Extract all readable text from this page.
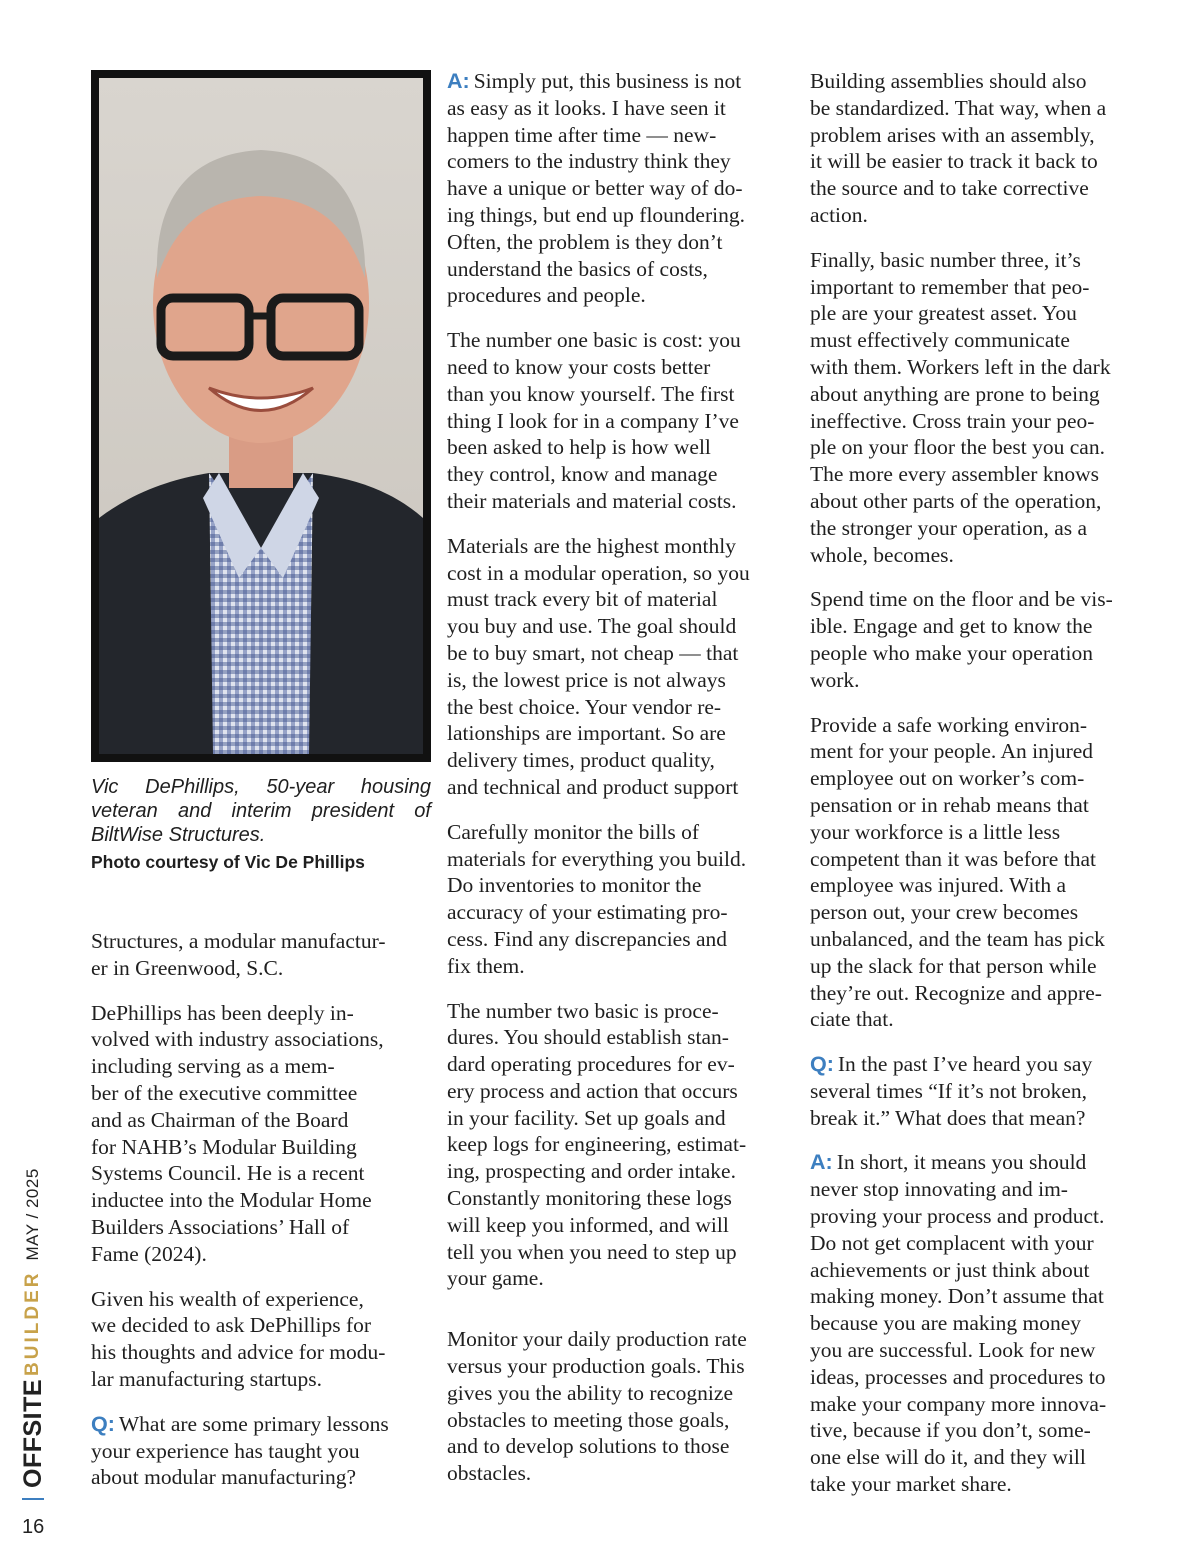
Vic DePhillips, 50-year housing veteran and interim president of BiltWise Structures.

Photo courtesy of Vic De Phillips

Structures, a modular manufactur-
er in Greenwood, S.C.

DePhillips has been deeply in-
volved with industry associations,
including serving as a mem-
ber of the executive committee
and as Chairman of the Board
for NAHB’s Modular Building
Systems Council. He is a recent
inductee into the Modular Home
Builders Associations’ Hall of
Fame (2024).

Given his wealth of experience,
we decided to ask DePhillips for
his thoughts and advice for modu-
lar manufacturing startups.

Q: What are some primary lessons
your experience has taught you
about modular manufacturing?

A: Simply put, this business is not
as easy as it looks. I have seen it
happen time after time — new-
comers to the industry think they
have a unique or better way of do-
ing things, but end up floundering.
Often, the problem is they don’t
understand the basics of costs,
procedures and people.

The number one basic is cost: you
need to know your costs better
than you know yourself. The first
thing I look for in a company I’ve
been asked to help is how well
they control, know and manage
their materials and material costs.

Materials are the highest monthly
cost in a modular operation, so you
must track every bit of material
you buy and use. The goal should
be to buy smart, not cheap — that
is, the lowest price is not always
the best choice. Your vendor re-
lationships are important. So are
delivery times, product quality,
and technical and product support

Carefully monitor the bills of
materials for everything you build.
Do inventories to monitor the
accuracy of your estimating pro-
cess. Find any discrepancies and
fix them.

The number two basic is proce-
dures. You should establish stan-
dard operating procedures for ev-
ery process and action that occurs
in your facility. Set up goals and
keep logs for engineering, estimat-
ing, prospecting and order intake.
Constantly monitoring these logs
will keep you informed, and will
tell you when you need to step up
your game.

Monitor your daily production rate
versus your production goals. This
gives you the ability to recognize
obstacles to meeting those goals,
and to develop solutions to those
obstacles.

Building assemblies should also
be standardized. That way, when a
problem arises with an assembly,
it will be easier to track it back to
the source and to take corrective
action.

Finally, basic number three, it’s
important to remember that peo-
ple are your greatest asset. You
must effectively communicate
with them. Workers left in the dark
about anything are prone to being
ineffective. Cross train your peo-
ple on your floor the best you can.
The more every assembler knows
about other parts of the operation,
the stronger your operation, as a
whole, becomes.

Spend time on the floor and be vis-
ible. Engage and get to know the
people who make your operation
work.

Provide a safe working environ-
ment for your people. An injured
employee out on worker’s com-
pensation or in rehab means that
your workforce is a little less
competent than it was before that
employee was injured. With a
person out, your crew becomes
unbalanced, and the team has pick
up the slack for that person while
they’re out. Recognize and appre-
ciate that.

Q: In the past I’ve heard you say
several times “If it’s not broken,
break it.” What does that mean?

A: In short, it means you should
never stop innovating and im-
proving your process and product.
Do not get complacent with your
achievements or just think about
making money. Don’t assume that
because you are making money
you are successful. Look for new
ideas, processes and procedures to
make your company more innova-
tive, because if you don’t, some-
one else will do it, and they will
take your market share.

OFFSITE
BUILDER
MAY / 2025
16
